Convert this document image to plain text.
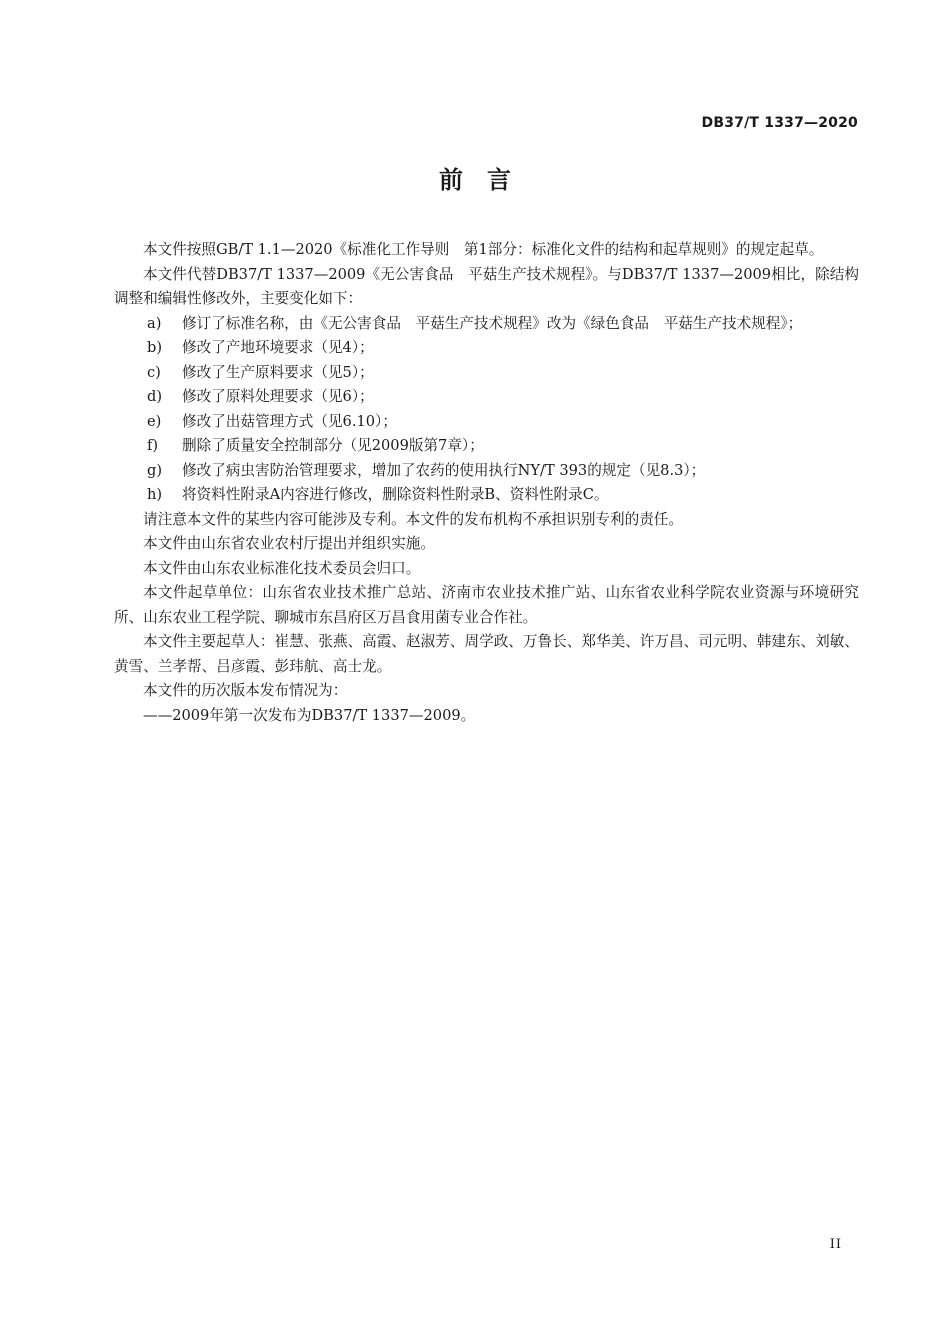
DB37/T 1337—2020
前言

本文件按照GB/T 1.1—2020《标准化工作导则　第1部分：标准化文件的结构和起草规则》的规定起草。

本文件代替DB37/T 1337—2009《无公害食品　平菇生产技术规程》。与DB37/T 1337—2009相比，除结构调整和编辑性修改外，主要变化如下：

a) 修订了标准名称，由《无公害食品　平菇生产技术规程》改为《绿色食品　平菇生产技术规程》；
b) 修改了产地环境要求（见4）；
c) 修改了生产原料要求（见5）；
d) 修改了原料处理要求（见6）；
e) 修改了出菇管理方式（见6.10）；
f) 删除了质量安全控制部分（见2009版第7章）；
g) 修改了病虫害防治管理要求，增加了农药的使用执行NY/T 393的规定（见8.3）；
h) 将资料性附录A内容进行修改，删除资料性附录B、资料性附录C。

请注意本文件的某些内容可能涉及专利。本文件的发布机构不承担识别专利的责任。

本文件由山东省农业农村厅提出并组织实施。

本文件由山东农业标准化技术委员会归口。

本文件起草单位：山东省农业技术推广总站、济南市农业技术推广站、山东省农业科学院农业资源与环境研究所、山东农业工程学院、聊城市东昌府区万昌食用菌专业合作社。

本文件主要起草人：崔慧、张燕、高霞、赵淑芳、周学政、万鲁长、郑华美、许万昌、司元明、韩建东、刘敏、黄雪、兰孝帮、吕彦霞、彭玮航、高士龙。

本文件的历次版本发布情况为：

——2009年第一次发布为DB37/T 1337—2009。

II
